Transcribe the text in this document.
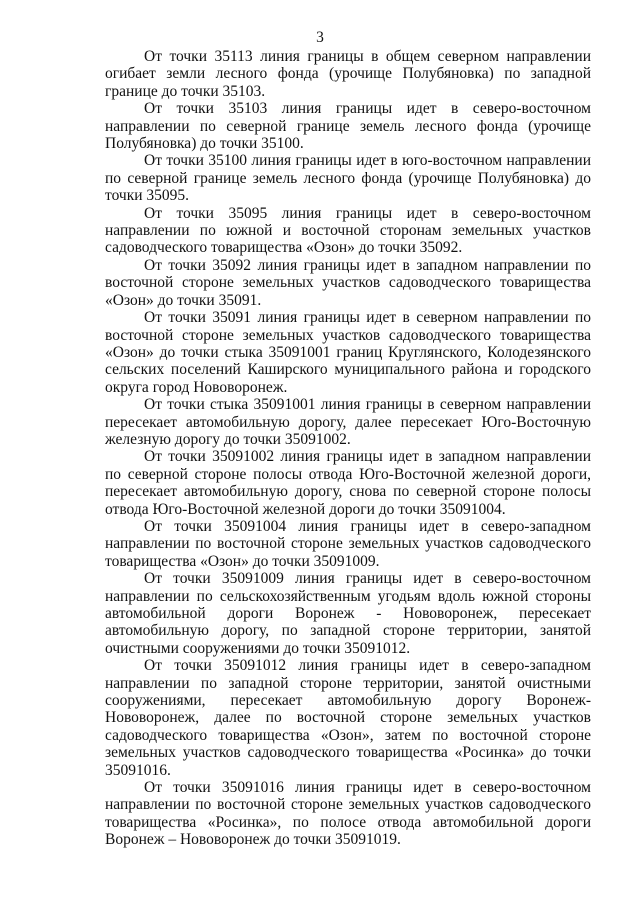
3

От точки 35113 линия границы в общем северном направлении огибает земли лесного фонда (урочище Полубяновка) по западной границе до точки 35103.

От точки 35103 линия границы идет в северо-восточном направлении по северной границе земель лесного фонда (урочище Полубяновка) до точки 35100.

От точки 35100 линия границы идет в юго-восточном направлении по северной границе земель лесного фонда (урочище Полубяновка) до точки 35095.

От точки 35095 линия границы идет в северо-восточном направлении по южной и восточной сторонам земельных участков садоводческого товарищества «Озон» до точки 35092.

От точки 35092 линия границы идет в западном направлении по восточной стороне земельных участков садоводческого товарищества «Озон» до точки 35091.

От точки 35091 линия границы идет в северном направлении по восточной стороне земельных участков садоводческого товарищества «Озон» до точки стыка 35091001 границ Круглянского, Колодезянского сельских поселений Каширского муниципального района и городского округа город Нововоронеж.

От точки стыка 35091001 линия границы в северном направлении пересекает автомобильную дорогу, далее пересекает Юго-Восточную железную дорогу до точки 35091002.

От точки 35091002 линия границы идет в западном направлении по северной стороне полосы отвода Юго-Восточной железной дороги, пересекает автомобильную дорогу, снова по северной стороне полосы отвода Юго-Восточной железной дороги до точки 35091004.

От точки 35091004 линия границы идет в северо-западном направлении по восточной стороне земельных участков садоводческого товарищества «Озон» до точки 35091009.

От точки 35091009 линия границы идет в северо-восточном направлении по сельскохозяйственным угодьям вдоль южной стороны автомобильной дороги Воронеж - Нововоронеж, пересекает автомобильную дорогу, по западной стороне территории, занятой очистными сооружениями до точки 35091012.

От точки 35091012 линия границы идет в северо-западном направлении по западной стороне территории, занятой очистными сооружениями, пересекает автомобильную дорогу Воронеж-Нововоронеж, далее по восточной стороне земельных участков садоводческого товарищества «Озон», затем по восточной стороне земельных участков садоводческого товарищества «Росинка» до точки 35091016.

От точки 35091016 линия границы идет в северо-восточном направлении по восточной стороне земельных участков садоводческого товарищества «Росинка», по полосе отвода автомобильной дороги Воронеж – Нововоронеж до точки 35091019.
